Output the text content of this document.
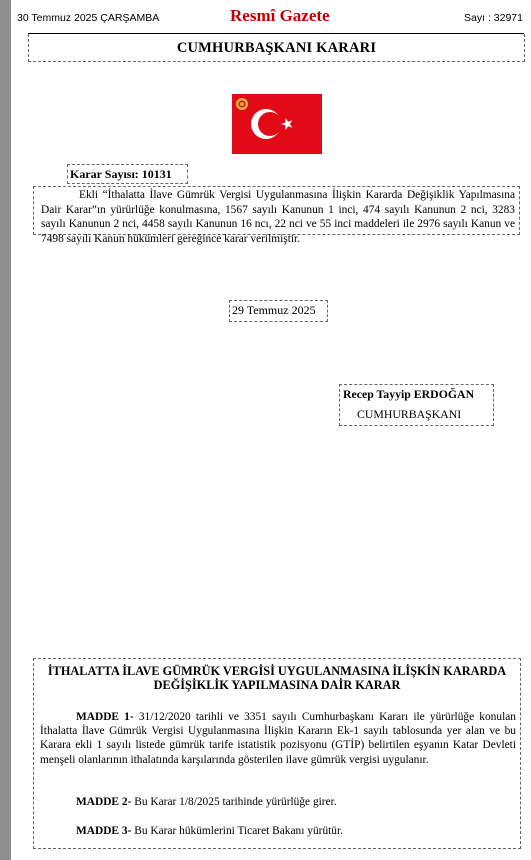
30 Temmuz 2025 ÇARŞAMBA	Resmî Gazete	Sayı : 32971
CUMHURBAŞKANI KARARI
Karar Sayısı: 10131
Ekli “İthalatta İlave Gümrük Vergisi Uygulanmasına İlişkin Kararda Değişiklik Yapılmasına Dair Karar”ın yürürlüğe konulmasına, 1567 sayılı Kanunun 1 inci, 474 sayılı Kanunun 2 nci, 3283 sayılı Kanunun 2 nci, 4458 sayılı Kanunun 16 ncı, 22 nci ve 55 inci maddeleri ile 2976 sayılı Kanun ve 7498 sayılı Kanun hükümleri gereğince karar verilmiştir.
29 Temmuz 2025
Recep Tayyip ERDOĞAN
CUMHURBAŞKANI
İTHALATTA İLAVE GÜMRÜK VERGİSİ UYGULANMASINA İLİŞKİN KARARDA DEĞİŞİKLİK YAPILMASINA DAİR KARAR
MADDE 1- 31/12/2020 tarihli ve 3351 sayılı Cumhurbaşkanı Kararı ile yürürlüğe konulan İthalatta İlave Gümrük Vergisi Uygulanmasına İlişkin Kararın Ek-1 sayılı tablosunda yer alan ve bu Karara ekli 1 sayılı listede gümrük tarife istatistik pozisyonu (GTİP) belirtilen eşyanın Katar Devleti menşeli olanlarının ithalatında karşılarında gösterilen ilave gümrük vergisi uygulanır.
MADDE 2- Bu Karar 1/8/2025 tarihinde yürürlüğe girer.
MADDE 3- Bu Karar hükümlerini Ticaret Bakanı yürütür.
